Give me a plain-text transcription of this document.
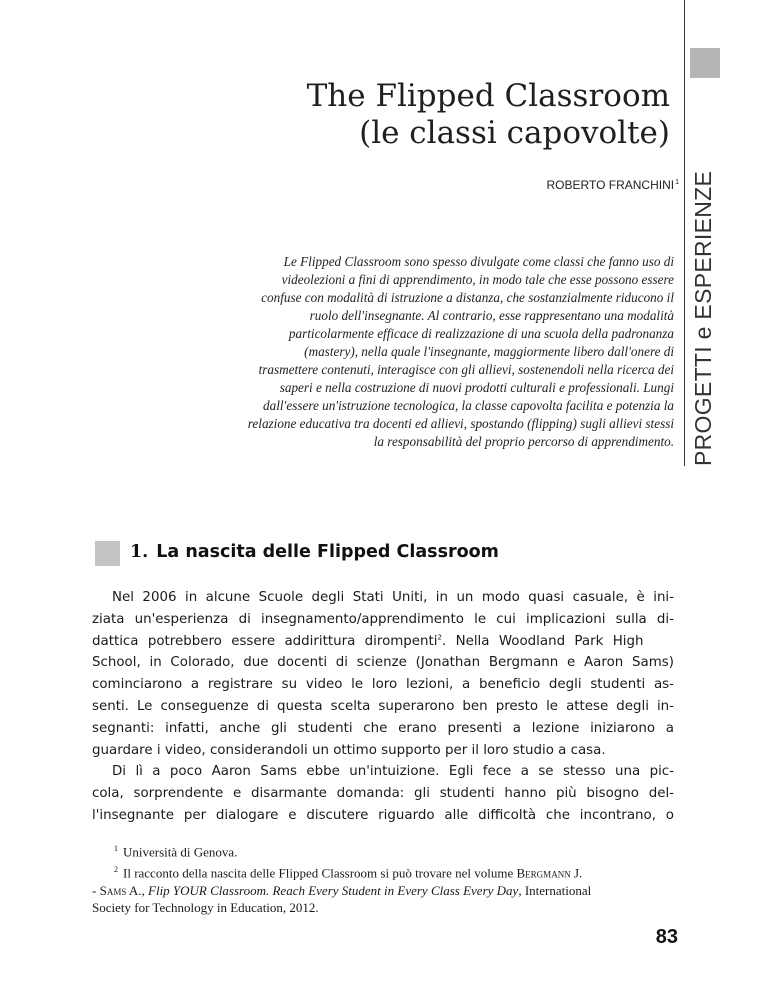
PROGETTI e ESPERIENZE
The Flipped Classroom
(le classi capovolte)
ROBERTO FRANCHINI$^1$
Le Flipped Classroom sono spesso divulgate come classi che fanno uso di
videolezioni a fini di apprendimento, in modo tale che esse possono essere
confuse con modalità di istruzione a distanza, che sostanzialmente riducono il
ruolo dell'insegnante. Al contrario, esse rappresentano una modalità
particolarmente efficace di realizzazione di una scuola della padronanza
(mastery), nella quale l'insegnante, maggiormente libero dall'onere di
trasmettere contenuti, interagisce con gli allievi, sostenendoli nella ricerca dei
saperi e nella costruzione di nuovi prodotti culturali e professionali. Lungi
dall'essere un'istruzione tecnologica, la classe capovolta facilita e potenzia la
relazione educativa tra docenti ed allievi, spostando (flipping) sugli allievi stessi
la responsabilità del proprio percorso di apprendimento.
1. La nascita delle Flipped Classroom
Nel 2006 in alcune Scuole degli Stati Uniti, in un modo quasi casuale, è ini-
ziata un'esperienza di insegnamento/apprendimento le cui implicazioni sulla di-
dattica potrebbero essere addirittura dirompenti$^2$. Nella Woodland Park High
School, in Colorado, due docenti di scienze (Jonathan Bergmann e Aaron Sams)
cominciarono a registrare su video le loro lezioni, a beneficio degli studenti as-
senti. Le conseguenze di questa scelta superarono ben presto le attese degli in-
segnanti: infatti, anche gli studenti che erano presenti a lezione iniziarono a
guardare i video, considerandoli un ottimo supporto per il loro studio a casa.
Di lì a poco Aaron Sams ebbe un'intuizione. Egli fece a se stesso una pic-
cola, sorprendente e disarmante domanda: gli studenti hanno più bisogno del-
l'insegnante per dialogare e discutere riguardo alle difficoltà che incontrano, o
$^1$ Università di Genova.
$^2$ Il racconto della nascita delle Flipped Classroom si può trovare nel volume Bergmann J.
- Sams A., Flip YOUR Classroom. Reach Every Student in Every Class Every Day, International
Society for Technology in Education, 2012.
83
